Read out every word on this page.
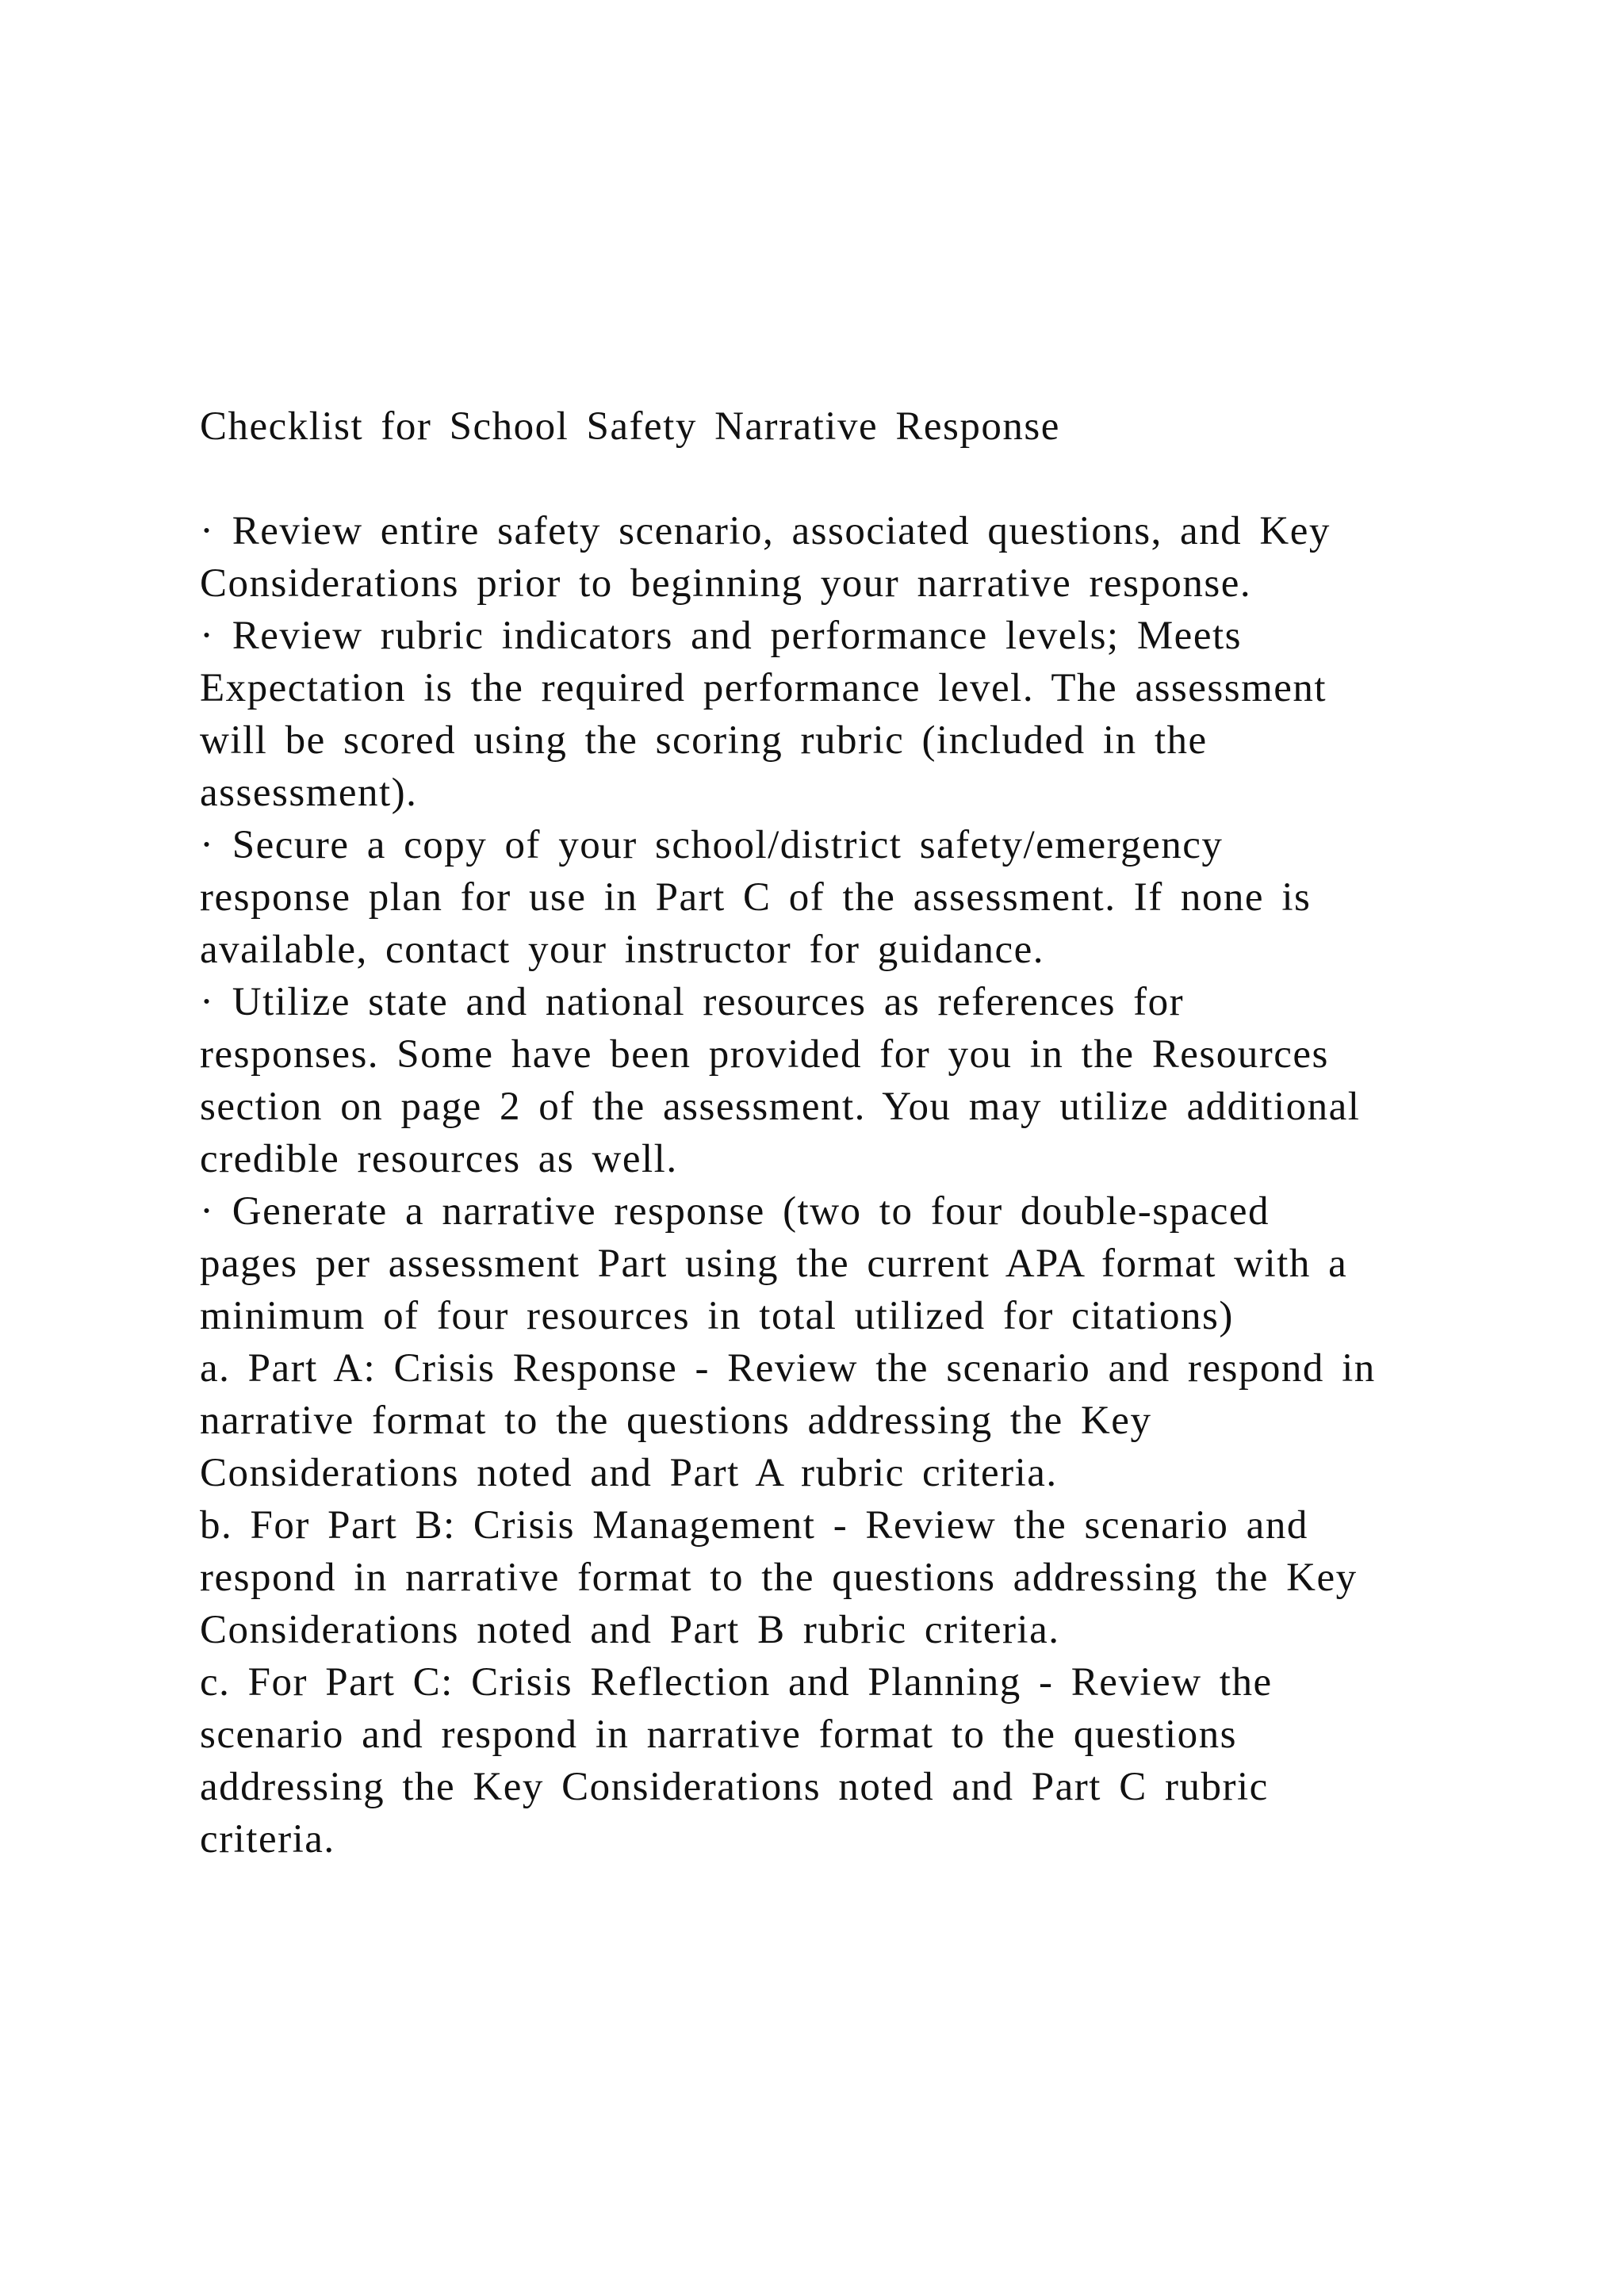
Checklist for School Safety Narrative Response

· Review entire safety scenario, associated questions, and Key

Considerations prior to beginning your narrative response.

· Review rubric indicators and performance levels; Meets

Expectation is the required performance level. The assessment

will be scored using the scoring rubric (included in the

assessment).

· Secure a copy of your school/district safety/emergency

response plan for use in Part C of the assessment. If none is

available, contact your instructor for guidance.

· Utilize state and national resources as references for

responses. Some have been provided for you in the Resources

section on page 2 of the assessment. You may utilize additional

credible resources as well.

· Generate a narrative response (two to four double-spaced

pages per assessment Part using the current APA format with a

minimum of four resources in total utilized for citations)

a. Part A: Crisis Response - Review the scenario and respond in

narrative format to the questions addressing the Key

Considerations noted and Part A rubric criteria.

b. For Part B: Crisis Management - Review the scenario and

respond in narrative format to the questions addressing the Key

Considerations noted and Part B rubric criteria.

c. For Part C: Crisis Reflection and Planning - Review the

scenario and respond in narrative format to the questions

addressing the Key Considerations noted and Part C rubric

criteria.
